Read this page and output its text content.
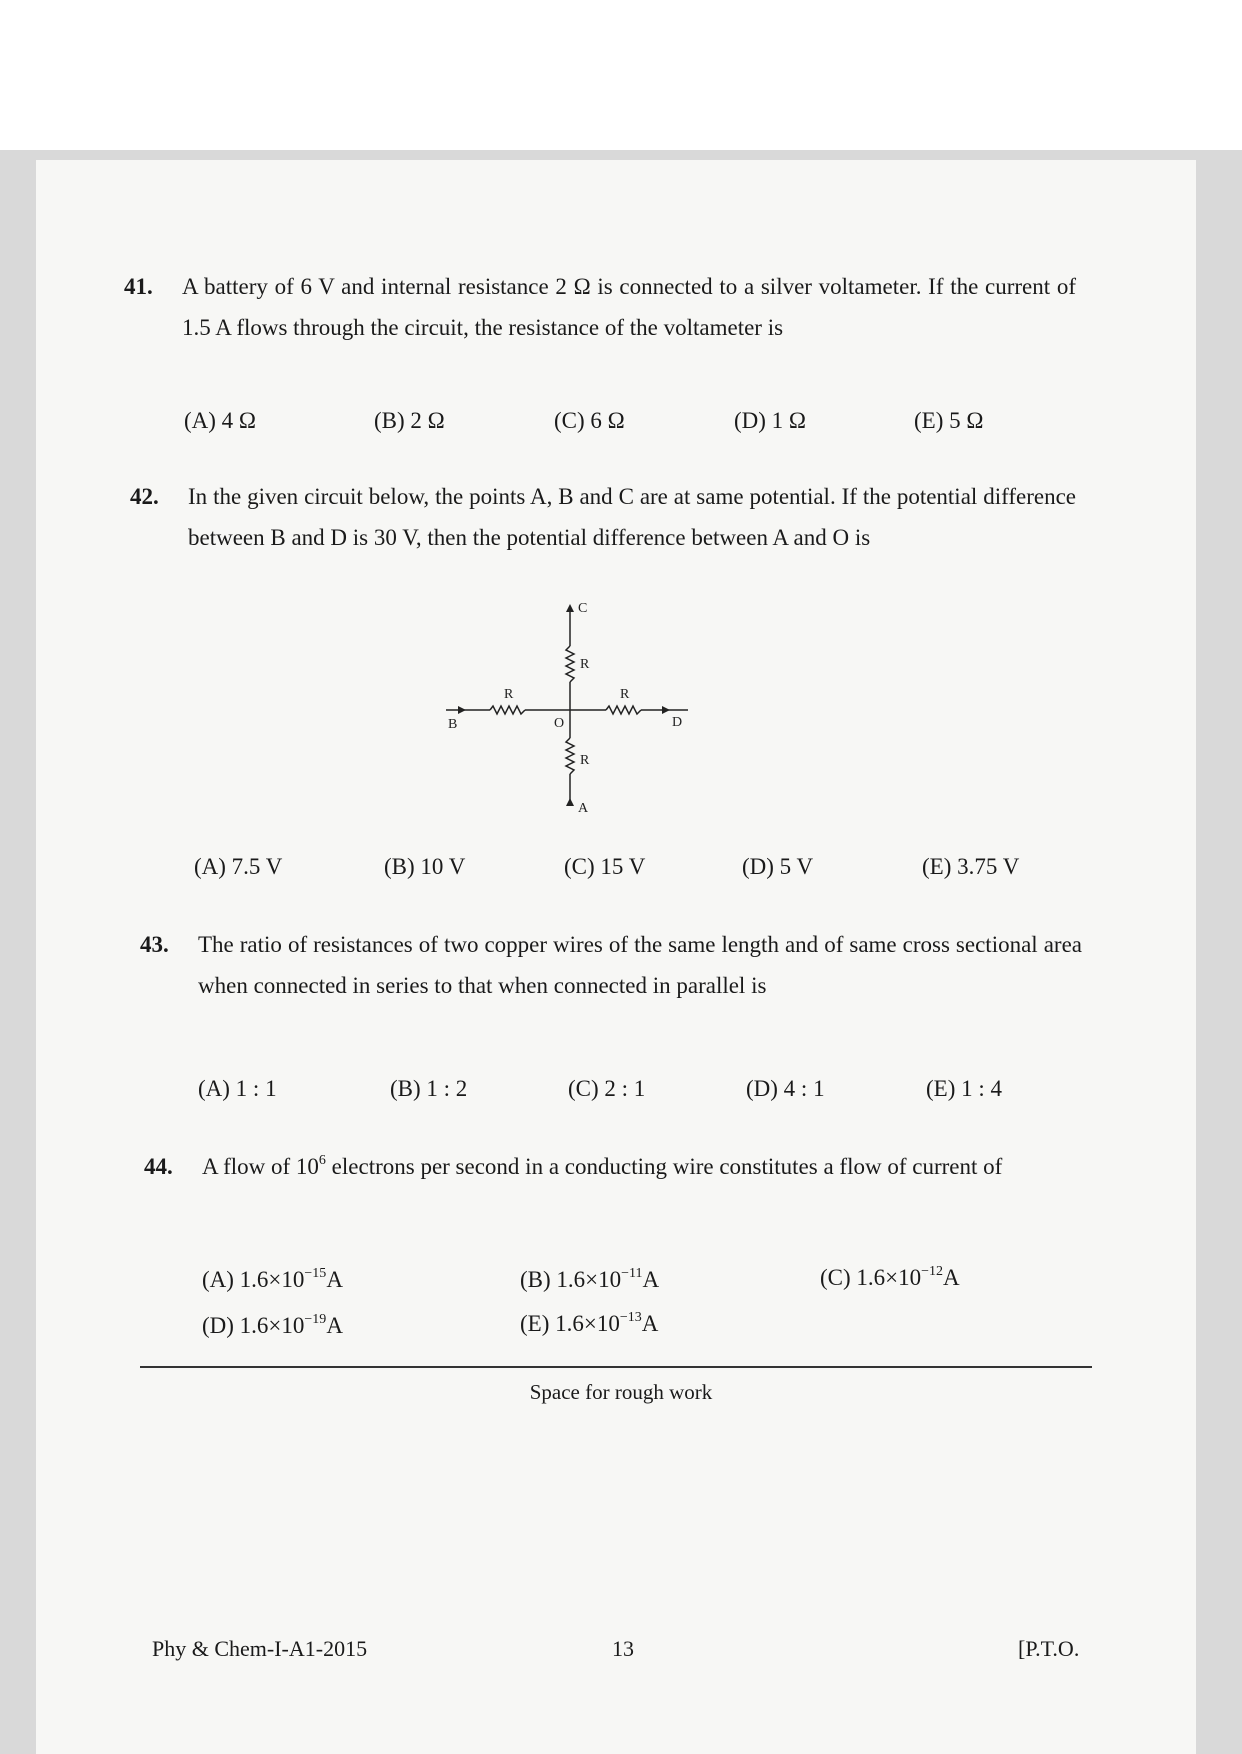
41. A battery of 6 V and internal resistance 2 Ω is connected to a silver voltameter. If the current of 1.5 A flows through the circuit, the resistance of the voltameter is
(A) 4 Ω	(B) 2 Ω	(C) 6 Ω	(D) 1 Ω	(E) 5 Ω
42. In the given circuit below, the points A, B and C are at same potential. If the potential difference between B and D is 30 V, then the potential difference between A and O is
C
R
R	R
B	O	D
R
A
(A) 7.5 V	(B) 10 V	(C) 15 V	(D) 5 V	(E) 3.75 V
43. The ratio of resistances of two copper wires of the same length and of same cross sectional area when connected in series to that when connected in parallel is
(A) 1 : 1	(B) 1 : 2	(C) 2 : 1	(D) 4 : 1	(E) 1 : 4
44. A flow of $10^6$ electrons per second in a conducting wire constitutes a flow of current of
(A) $1.6\times 10^{-15}A$	(B) $1.6\times 10^{-11}A$	(C) $1.6\times 10^{-12}A$
(D) $1.6\times 10^{-19}A$	(E) $1.6\times 10^{-13}A$
Space for rough work
Phy & Chem-I-A1-2015	13	[P.T.O.
